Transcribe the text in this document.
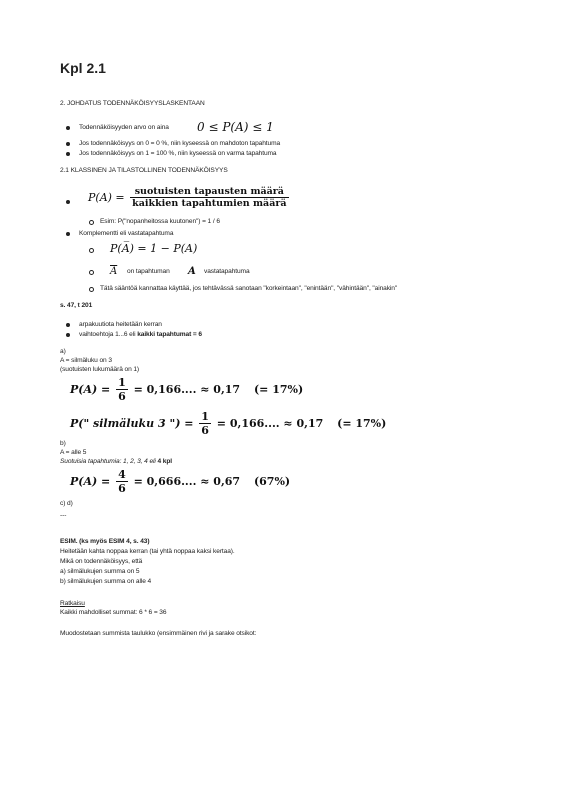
Kpl 2.1
2. JOHDATUS TODENNÄKÖISYYSLASKENTAAN
Todennäköisyyden arvo on aina 0 ≤ P(A) ≤ 1
Jos todennäköisyys on 0 = 0 %, niin kyseessä on mahdoton tapahtuma
Jos todennäköisyys on 1 = 100 %, niin kyseessä on varma tapahtuma
2.1 KLASSINEN JA TILASTOLLINEN TODENNÄKÖISYYS
$P(A) = \frac{\text{suotuisten tapausten määrä}}{\text{kaikkien tapahtumien määrä}}$
Esim: P("nopanheitossa kuutonen") = 1 / 6
Komplementti eli vastatapahtuma
P(A̅) = 1 − P(A)
$\overline{A}$ on tapahtuman A vastatapahtuma
Tätä sääntöä kannattaa käyttää, jos tehtävässä sanotaan "korkeintaan", "enintään", "vähintään", "ainakin"
s. 47, t 201
arpakuutiota heitetään kerran
vaihtoehtoja 1...6 eli kaikki tapahtumat = 6
a)
A = silmäluku on 3
(suotuisten lukumäärä on 1)
$P(A) = \frac{1}{6} = 0,166$.... ≈ 0,17 (= 17%)
P(" silmäluku 3 ") = $\frac{1}{6} = 0,166$.... ≈ 0,17 (= 17%)
b)
A = alle 5
Suotuisia tapahtumia: 1, 2, 3, 4 eli 4 kpl
$P(A) = \frac{4}{6} = 0,666$.... ≈ 0,67 (67%)
c) d)
---
ESIM. (ks myös ESIM 4, s. 43)
Heitetään kahta noppaa kerran (tai yhtä noppaa kaksi kertaa).
Mikä on todennäköisyys, että
a) silmälukujen summa on 5
b) silmälukujen summa on alle 4
Ratkaisu
Kaikki mahdolliset summat: 6 * 6 = 36
Muodostetaan summista taulukko (ensimmäinen rivi ja sarake otsikot:
